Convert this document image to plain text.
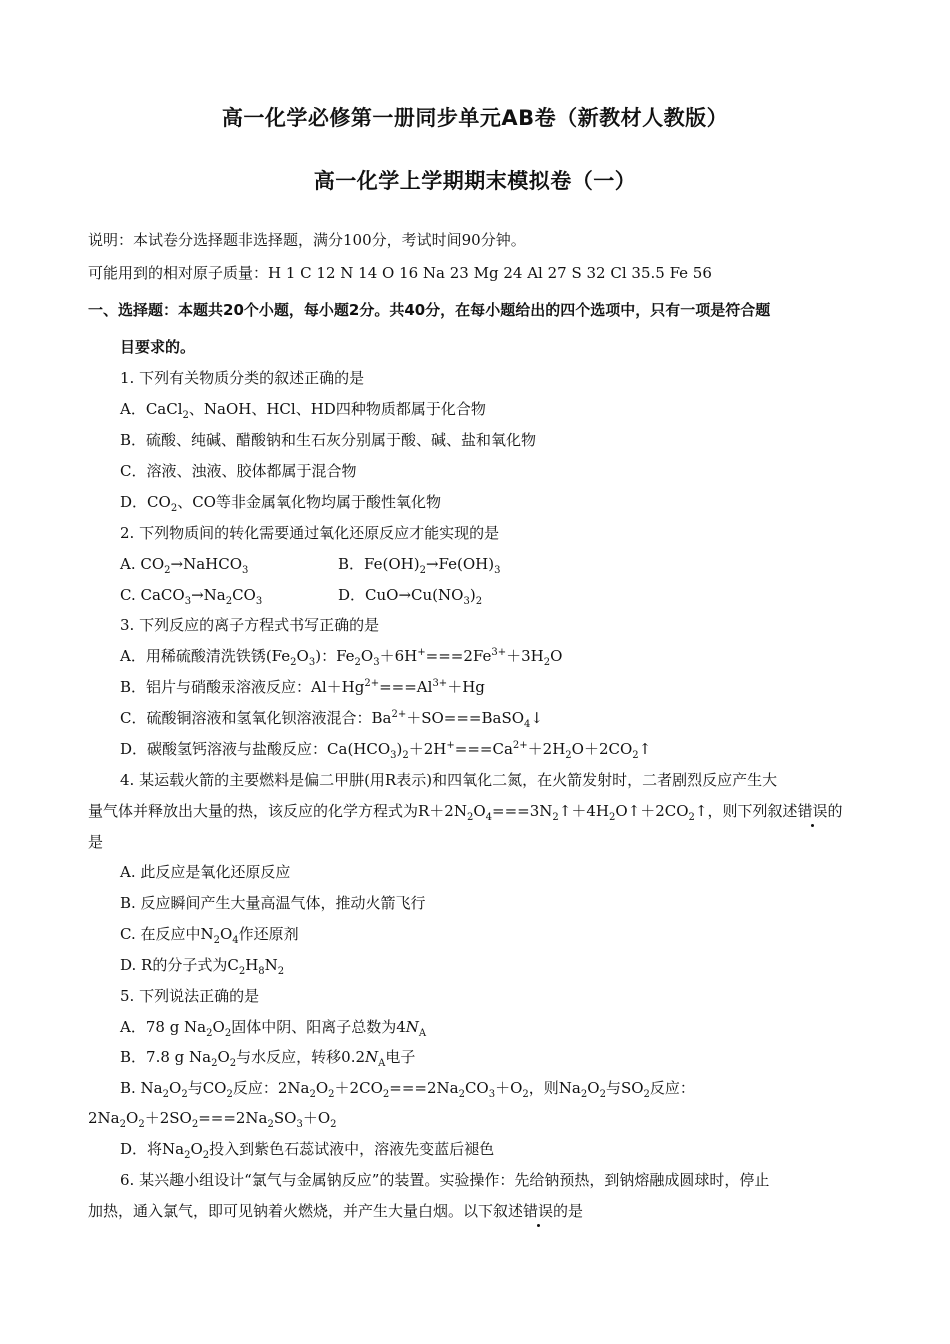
高一化学必修第一册同步单元AB卷（新教材人教版）
高一化学上学期期末模拟卷（一）
说明：本试卷分选择题非选择题，满分100分，考试时间90分钟。
可能用到的相对原子质量：H 1 C 12 N 14 O 16 Na 23 Mg 24 Al 27 S 32 Cl 35.5 Fe 56
一、选择题：本题共20个小题，每小题2分。共40分，在每小题给出的四个选项中，只有一项是符合题
目要求的。
1. 下列有关物质分类的叙述正确的是
A．CaCl$_2$、NaOH、HCl、HD四种物质都属于化合物
B．硫酸、纯碱、醋酸钠和生石灰分别属于酸、碱、盐和氧化物
C．溶液、浊液、胶体都属于混合物
D．$CO_2$、CO等非金属氧化物均属于酸性氧化物
2. 下列物质间的转化需要通过氧化还原反应才能实现的是
A. $CO_2\to NaHCO_3$	B．$Fe(OH)_2\to Fe(OH)_3$
C. $CaCO_3\to Na_2CO_3$	D．$CuO\to Cu(NO_3)_2$
3. 下列反应的离子方程式书写正确的是
A．用稀硫酸清洗铁锈$(Fe_2O_3)$：$Fe_2O_3+6H^+===2Fe^{3+}+3H_2O$
B．铝片与硝酸汞溶液反应：$Al+Hg^{2+}===Al^{3+}+Hg$
C．硫酸铜溶液和氢氧化钡溶液混合：$Ba^{2+}+SO===BaSO_4↓$
D．碳酸氢钙溶液与盐酸反应：$Ca(HCO_3)_2+2H^+===Ca^{2+}+2H_2O+2CO_2↑$
4. 某运载火箭的主要燃料是偏二甲肼(用R表示)和四氧化二氮，在火箭发射时，二者剧烈反应产生大
量气体并释放出大量的热，该反应的化学方程式为$R+2N_2O_4===3N_2↑+4H_2O↑+2CO_2↑$，则下列叙述错误的
是
A. 此反应是氧化还原反应
B. 反应瞬间产生大量高温气体，推动火箭飞行
C. 在反应中$N_2O_4$作还原剂
D. R的分子式为$C_2H_8N_2$
5. 下列说法正确的是
A．78 g $Na_2O_2$固体中阴、阳离子总数为$4N_A$
B．7.8 g $Na_2O_2$与水反应，转移$0.2N_A$电子
B. $Na_2O_2$与$CO_2$反应：$2Na_2O_2+2CO_2===2Na_2CO_3+O_2$，则$Na_2O_2$与$SO_2$反应：
$2Na_2O_2+2SO_2===2Na_2SO_3+O_2$
D．将$Na_2O_2$投入到紫色石蕊试液中，溶液先变蓝后褪色
6. 某兴趣小组设计“氯气与金属钠反应”的装置。实验操作：先给钠预热，到钠熔融成圆球时，停止
加热，通入氯气，即可见钠着火燃烧，并产生大量白烟。以下叙述错误的是
